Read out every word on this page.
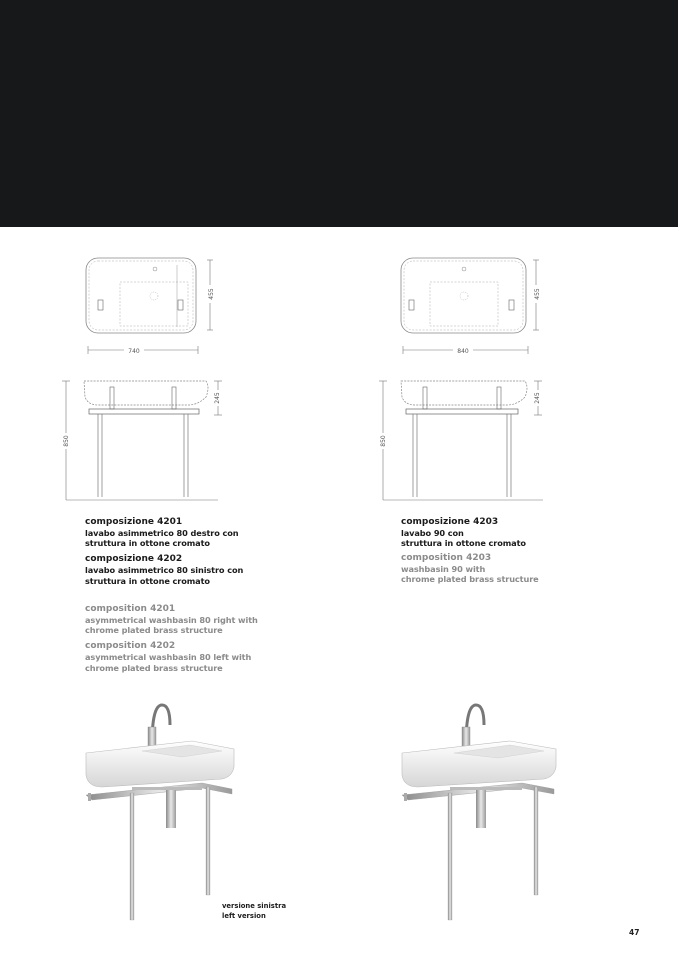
740
455
850
245
840
455
850
245
composizione 4201
lavabo asimmetrico 80 destro con
struttura in ottone cromato
composizione 4202
lavabo asimmetrico 80 sinistro con
struttura in ottone cromato
composition 4201
asymmetrical washbasin 80 right with
chrome plated brass structure
composition 4202
asymmetrical washbasin 80 left with
chrome plated brass structure
composizione 4203
lavabo 90 con
struttura in ottone cromato
composition 4203
washbasin 90 with
chrome plated brass structure
versione sinistra
left version
47
